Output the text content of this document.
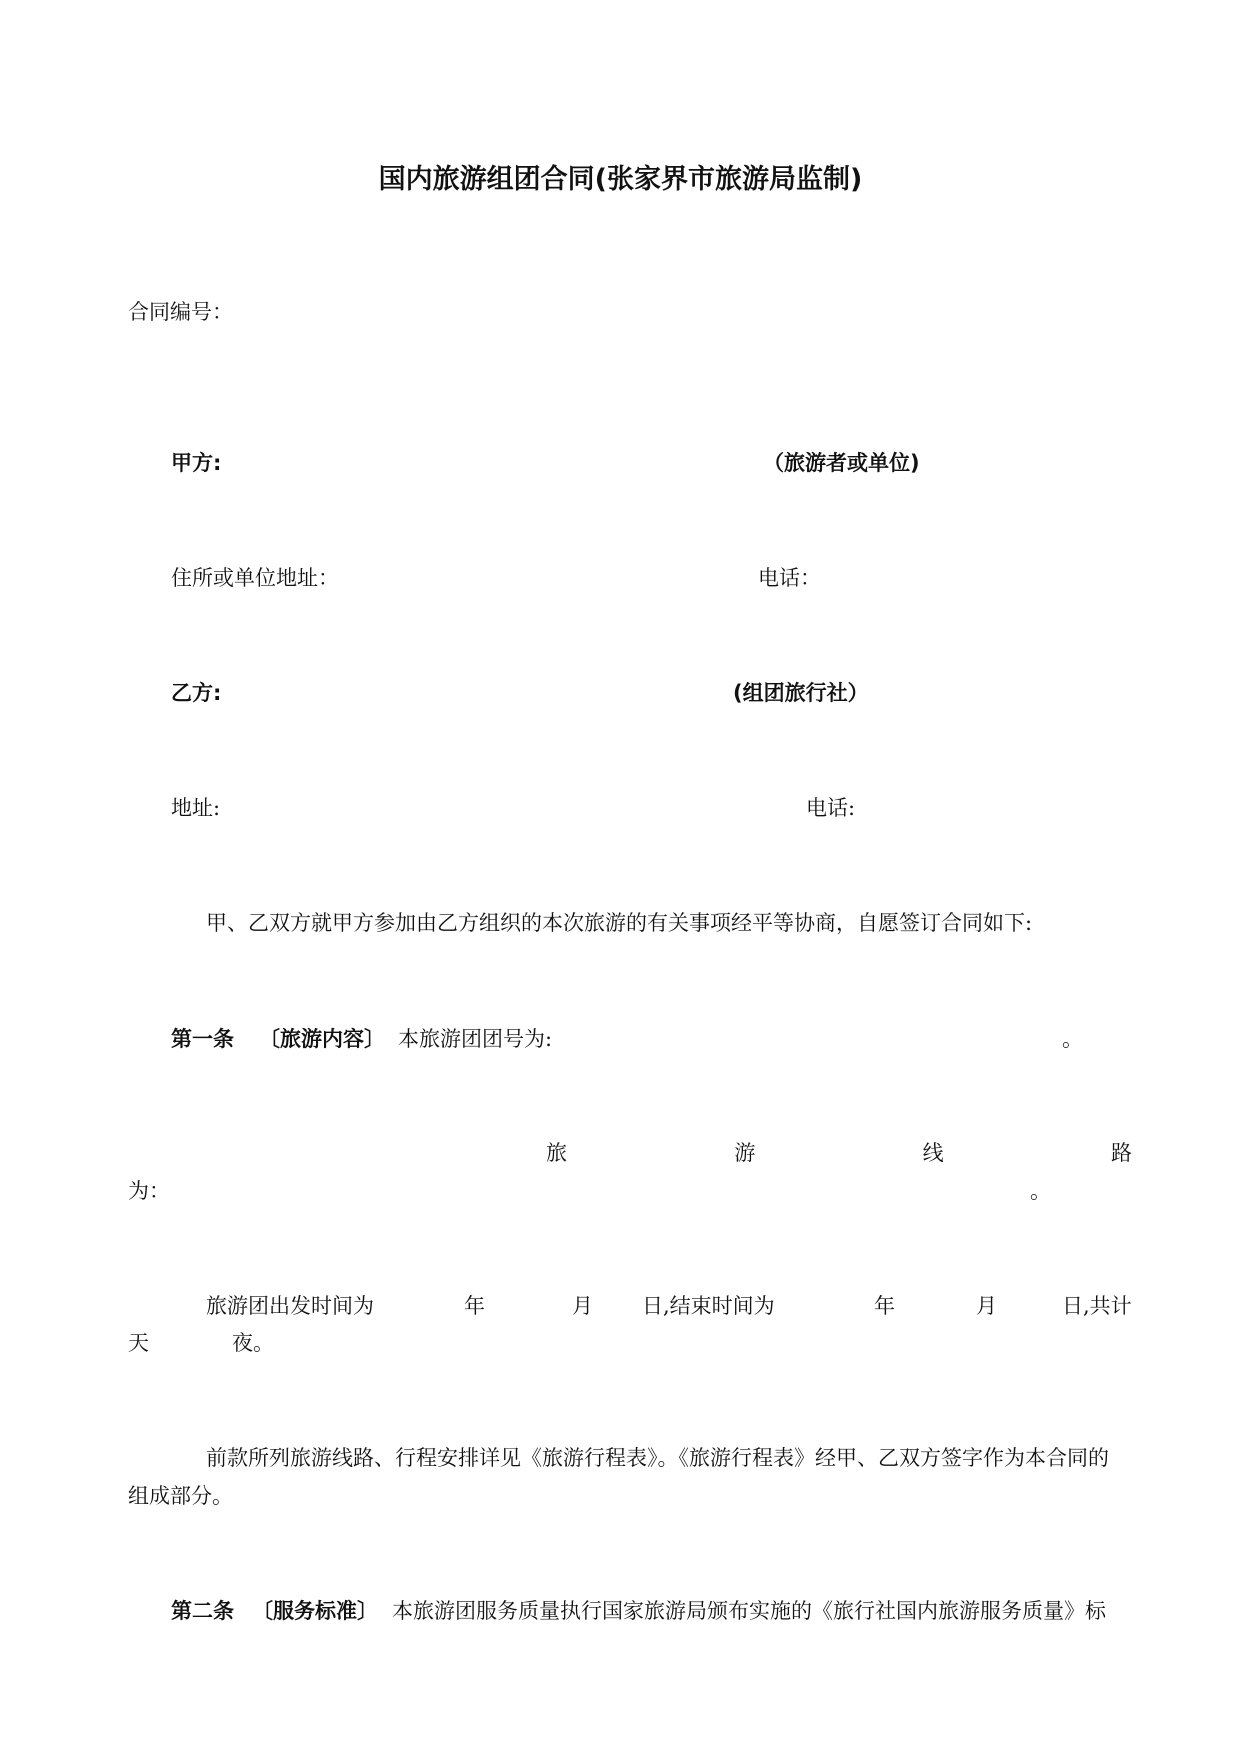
国内旅游组团合同(张家界市旅游局监制)
合同编号：
甲方:	（旅游者或单位)
住所或单位地址：	电话：
乙方:	(组团旅行社）
地址:	电话:
甲、乙双方就甲方参加由乙方组织的本次旅游的有关事项经平等协商，自愿签订合同如下:
第一条 〔旅游内容〕 本旅游团团号为:	。
旅	游	线	路
为：	。
旅游团出发时间为	年	月 日,结束时间为	年	月	日,共计
天	夜。
前款所列旅游线路、行程安排详见《旅游行程表》。《旅游行程表》经甲、乙双方签字作为本合同的
组成部分。
第二条 〔服务标准〕 本旅游团服务质量执行国家旅游局颁布实施的《旅行社国内旅游服务质量》标
